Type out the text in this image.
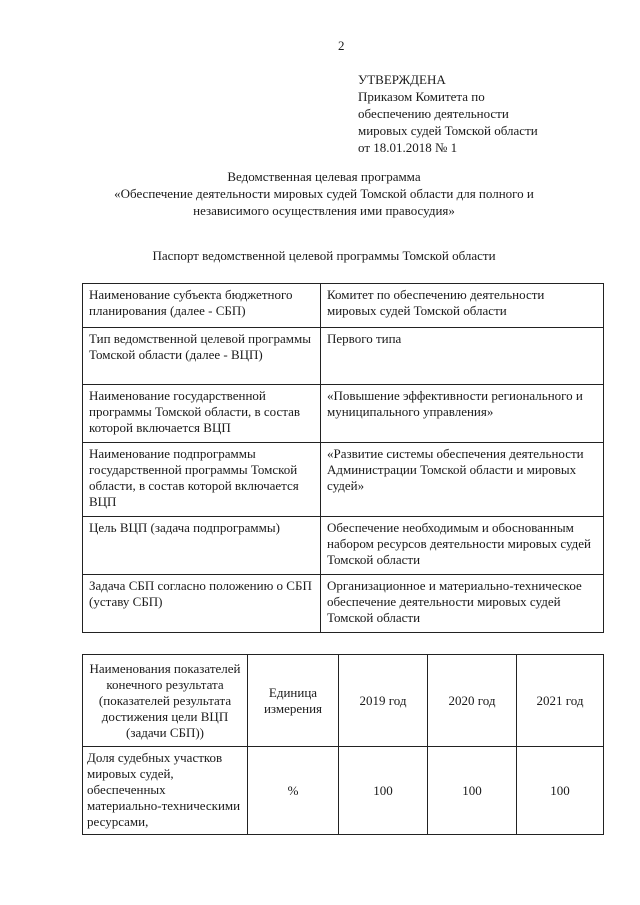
2
УТВЕРЖДЕНА
Приказом Комитета по
обеспечению деятельности
мировых судей Томской области
от 18.01.2018 № 1
Ведомственная целевая программа
«Обеспечение деятельности мировых судей Томской области для полного и
независимого осуществления ими правосудия»
Паспорт ведомственной целевой программы Томской области
Наименование субъекта бюджетного планирования (далее - СБП)	Комитет по обеспечению деятельности мировых судей Томской области
Тип ведомственной целевой программы Томской области (далее - ВЦП)	Первого типа
Наименование государственной программы Томской области, в состав которой включается ВЦП	«Повышение эффективности регионального и муниципального управления»
Наименование подпрограммы государственной программы Томской области, в состав которой включается ВЦП	«Развитие системы обеспечения деятельности Администрации Томской области и мировых судей»
Цель ВЦП (задача подпрограммы)	Обеспечение необходимым и обоснованным набором ресурсов деятельности мировых судей Томской области
Задача СБП согласно положению о СБП (уставу СБП)	Организационное и материально-техническое обеспечение деятельности мировых судей Томской области
Наименования показателей конечного результата (показателей результата достижения цели ВЦП (задачи СБП))	Единица измерения	2019 год	2020 год	2021 год
Доля судебных участков мировых судей, обеспеченных материально-техническими ресурсами,	%	100	100	100
